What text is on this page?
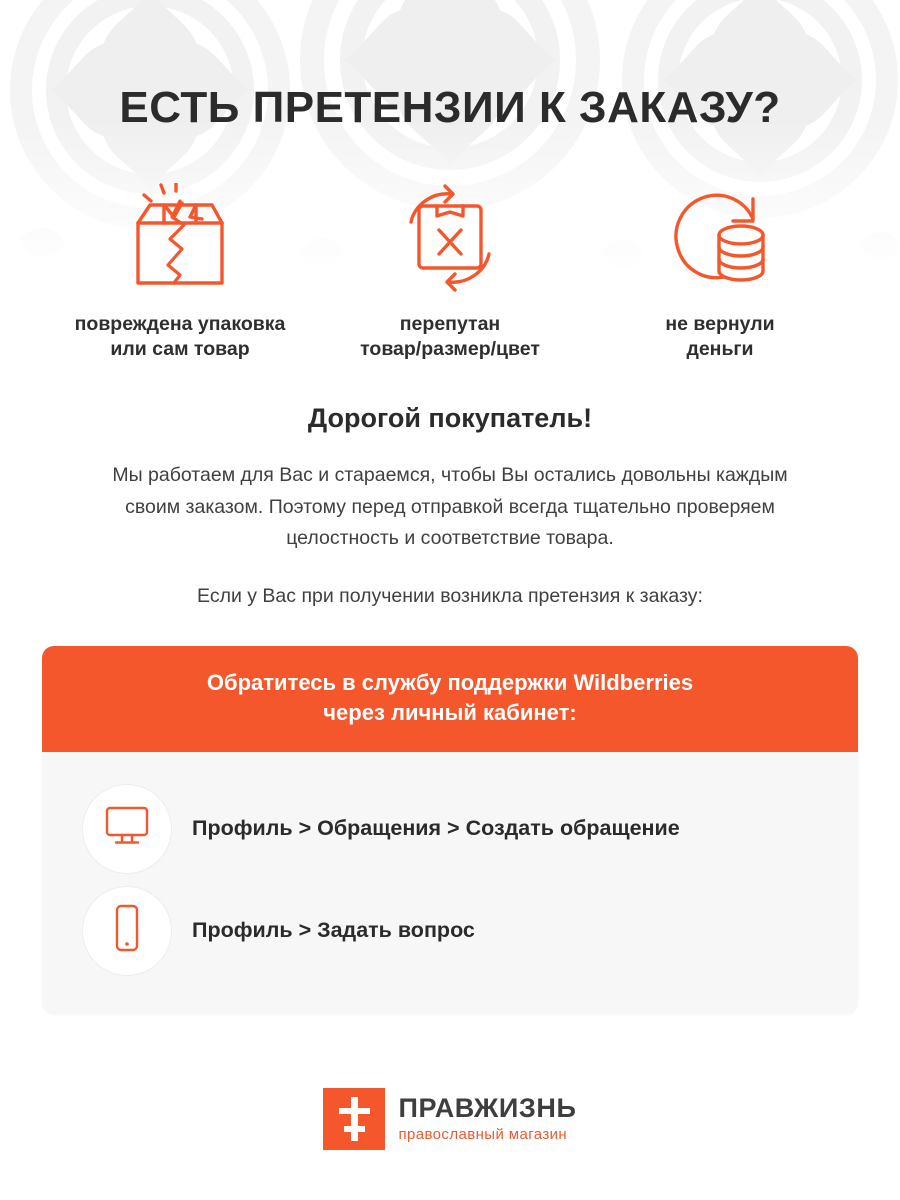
ЕСТЬ ПРЕТЕНЗИИ К ЗАКАЗУ?
повреждена упаковка
или сам товар
перепутан
товар/размер/цвет
не вернули
деньги
Дорогой покупатель!
Мы работаем для Вас и стараемся, чтобы Вы остались довольны каждым своим заказом. Поэтому перед отправкой всегда тщательно проверяем целостность и соответствие товара.
Если у Вас при получении возникла претензия к заказу:
Обратитесь в службу поддержки Wildberries
через личный кабинет:
Профиль > Обращения > Создать обращение
Профиль > Задать вопрос
ПРАВЖИЗНЬ
православный магазин
